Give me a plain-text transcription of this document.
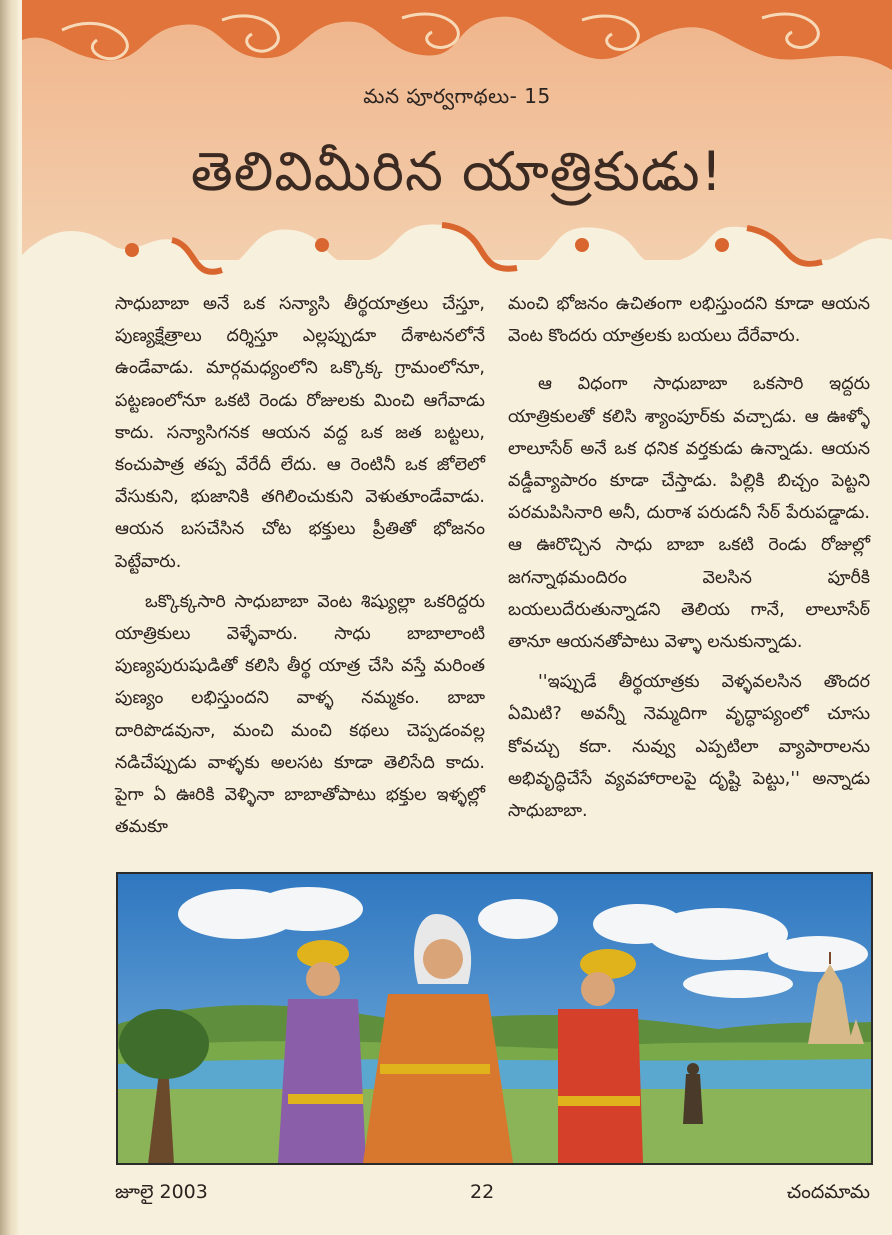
మన పూర్వగాథలు- 15
తెలివిమీరిన యాత్రికుడు!

సాధుబాబా అనే ఒక సన్యాసి తీర్థయాత్రలు చేస్తూ, పుణ్యక్షేత్రాలు దర్శిస్తూ ఎల్లప్పుడూ దేశాటనలోనే ఉండేవాడు. మార్గమధ్యంలోని ఒక్కొక్క గ్రామంలోనూ, పట్టణంలోనూ ఒకటి రెండు రోజులకు మించి ఆగేవాడు కాదు. సన్యాసిగనక ఆయన వద్ద ఒక జత బట్టలు, కంచుపాత్ర తప్ప వేరేదీ లేదు. ఆ రెంటినీ ఒక జోలెలో వేసుకుని, భుజానికి తగిలించుకుని వెళుతూండేవాడు. ఆయన బసచేసిన చోట భక్తులు ప్రీతితో భోజనం పెట్టేవారు.

ఒక్కొక్కసారి సాధుబాబా వెంట శిష్యుల్లా ఒకరిద్దరు యాత్రికులు వెళ్ళేవారు. సాధు బాబాలాంటి పుణ్యపురుషుడితో కలిసి తీర్థ యాత్ర చేసి వస్తే మరింత పుణ్యం లభిస్తుందని వాళ్ళ నమ్మకం. బాబా దారిపొడవునా, మంచి మంచి కథలు చెప్పడంవల్ల నడిచేప్పుడు వాళ్ళకు అలసట కూడా తెలిసేది కాదు. పైగా ఏ ఊరికి వెళ్ళినా బాబాతోపాటు భక్తుల ఇళ్ళల్లో తమకూ

మంచి భోజనం ఉచితంగా లభిస్తుందని కూడా ఆయన వెంట కొందరు యాత్రలకు బయలు దేరేవారు.

ఆ విధంగా సాధుబాబా ఒకసారి ఇద్దరు యాత్రికులతో కలిసి శ్యాంపూర్‌కు వచ్చాడు. ఆ ఊళ్ళో లాలూసేఠ్ అనే ఒక ధనిక వర్తకుడు ఉన్నాడు. ఆయన వడ్డీవ్యాపారం కూడా చేస్తాడు. పిల్లికి బిచ్చం పెట్టని పరమపిసినారి అనీ, దురాశ పరుడనీ సేఠ్ పేరుపడ్డాడు. ఆ ఊరొచ్చిన సాధు బాబా ఒకటి రెండు రోజుల్లో జగన్నాథమందిరం వెలసిన పూరీకి బయలుదేరుతున్నాడని తెలియ గానే, లాలూసేఠ్ తానూ ఆయనతోపాటు వెళ్ళా లనుకున్నాడు.

''ఇప్పుడే తీర్థయాత్రకు వెళ్ళవలసిన తొందర ఏమిటి? అవన్నీ నెమ్మదిగా వృద్ధాప్యంలో చూసు కోవచ్చు కదా. నువ్వు ఎప్పటిలా వ్యాపారాలను అభివృద్ధిచేసే వ్యవహారాలపై దృష్టి పెట్టు,'' అన్నాడు సాధుబాబా.

జూలై 2003	22	చందమామ
